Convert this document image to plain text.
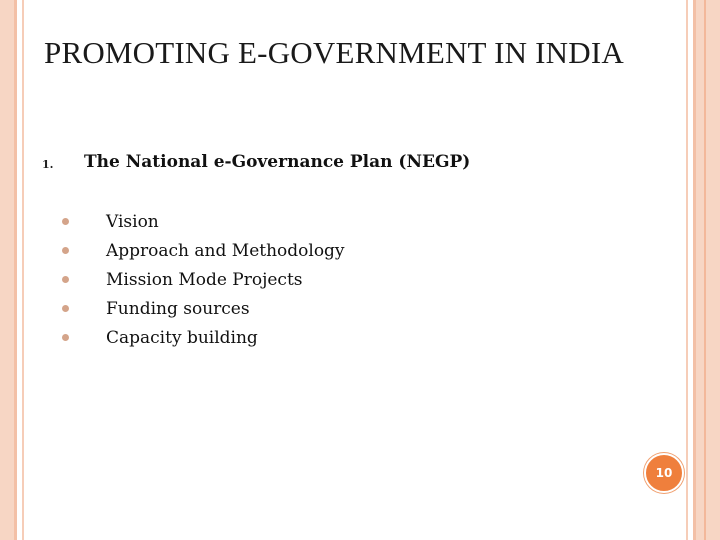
PROMOTING E-GOVERNMENT IN INDIA
1. The National e-Governance Plan (NEGP)
Vision
Approach and Methodology
Mission Mode Projects
Funding sources
Capacity building
10
